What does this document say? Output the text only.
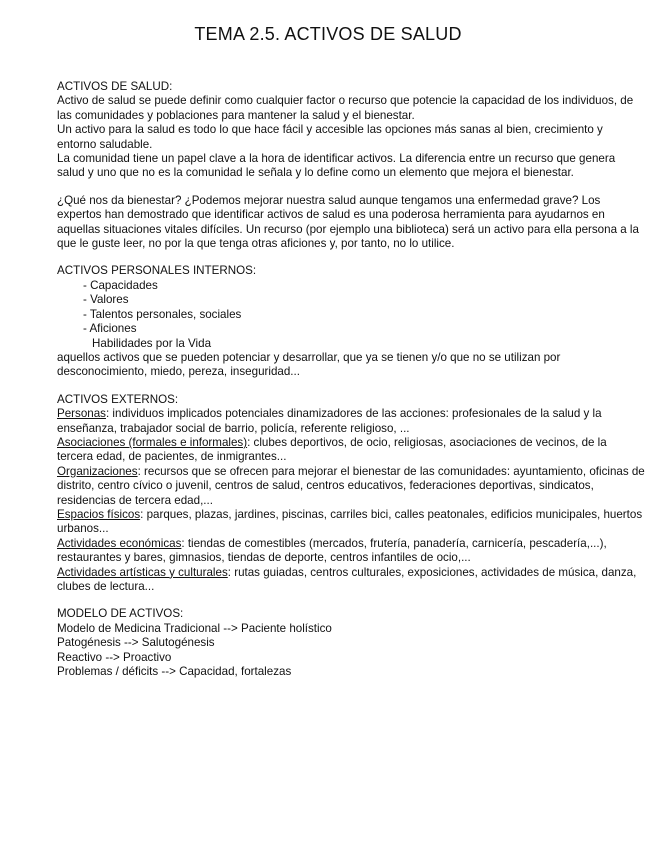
TEMA 2.5. ACTIVOS DE SALUD

ACTIVOS DE SALUD:

Activo de salud se puede definir como cualquier factor o recurso que potencie la capacidad de los individuos, de las comunidades y poblaciones para mantener la salud y el bienestar.

Un activo para la salud es todo lo que hace fácil y accesible las opciones más sanas al bien, crecimiento y entorno saludable.

La comunidad tiene un papel clave a la hora de identificar activos. La diferencia entre un recurso que genera salud y uno que no es la comunidad le señala y lo define como un elemento que mejora el bienestar.

¿Qué nos da bienestar? ¿Podemos mejorar nuestra salud aunque tengamos una enfermedad grave? Los expertos han demostrado que identificar activos de salud es una poderosa herramienta para ayudarnos en aquellas situaciones vitales difíciles. Un recurso (por ejemplo una biblioteca) será un activo para ella persona a la que le guste leer, no por la que tenga otras aficiones y, por tanto, no lo utilice.

ACTIVOS PERSONALES INTERNOS:

- Capacidades
- Valores
- Talentos personales, sociales
- Aficiones

Habilidades por la Vida

aquellos activos que se pueden potenciar y desarrollar, que ya se tienen y/o que no se utilizan por desconocimiento, miedo, pereza, inseguridad...

ACTIVOS EXTERNOS:

Personas: individuos implicados potenciales dinamizadores de las acciones: profesionales de la salud y la enseñanza, trabajador social de barrio, policía, referente religioso, ...

Asociaciones (formales e informales): clubes deportivos, de ocio, religiosas, asociaciones de vecinos, de la tercera edad, de pacientes, de inmigrantes...

Organizaciones: recursos que se ofrecen para mejorar el bienestar de las comunidades: ayuntamiento, oficinas de distrito, centro cívico o juvenil, centros de salud, centros educativos, federaciones deportivas, sindicatos, residencias de tercera edad,...

Espacios físicos: parques, plazas, jardines, piscinas, carriles bici, calles peatonales, edificios municipales, huertos urbanos...

Actividades económicas: tiendas de comestibles (mercados, frutería, panadería, carnicería, pescadería,...), restaurantes y bares, gimnasios, tiendas de deporte, centros infantiles de ocio,...

Actividades artísticas y culturales: rutas guiadas, centros culturales, exposiciones, actividades de música, danza, clubes de lectura...

MODELO DE ACTIVOS:

Modelo de Medicina Tradicional --> Paciente holístico

Patogénesis --> Salutogénesis

Reactivo --> Proactivo

Problemas / déficits --> Capacidad, fortalezas
